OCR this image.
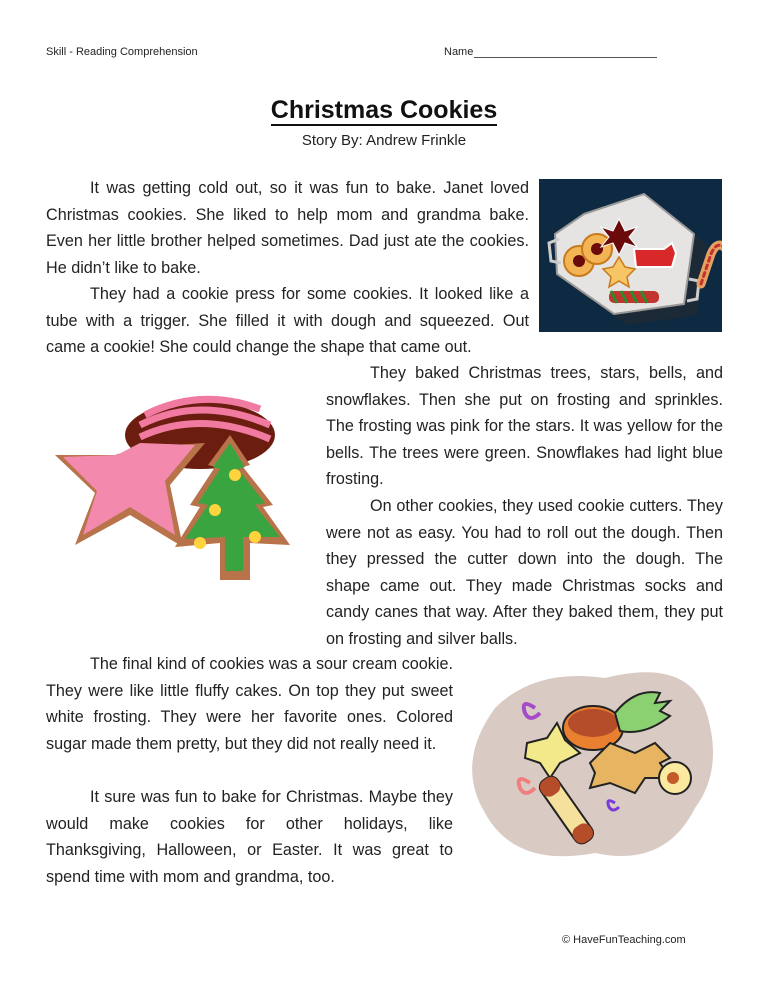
Skill - Reading Comprehension	Name
Christmas Cookies
Story By: Andrew Frinkle

It was getting cold out, so it was fun to bake. Janet loved Christmas cookies. She liked to help mom and grandma bake. Even her little brother helped sometimes. Dad just ate the cookies. He didn’t like to bake.

They had a cookie press for some cookies. It looked like a tube with a trigger. She filled it with dough and squeezed. Out came a cookie! She could change the shape that came out.

They baked Christmas trees, stars, bells, and snowflakes. Then she put on frosting and sprinkles. The frosting was pink for the stars. It was yellow for the bells. The trees were green. Snowflakes had light blue frosting.

On other cookies, they used cookie cutters. They were not as easy. You had to roll out the dough. Then they pressed the cutter down into the dough. The shape came out. They made Christmas socks and candy canes that way. After they baked them, they put on frosting and silver balls.

The final kind of cookies was a sour cream cookie. They were like little fluffy cakes. On top they put sweet white frosting. They were her favorite ones. Colored sugar made them pretty, but they did not really need it.

It sure was fun to bake for Christmas. Maybe they would make cookies for other holidays, like Thanksgiving, Halloween, or Easter. It was great to spend time with mom and grandma, too.

© HaveFunTeaching.com
